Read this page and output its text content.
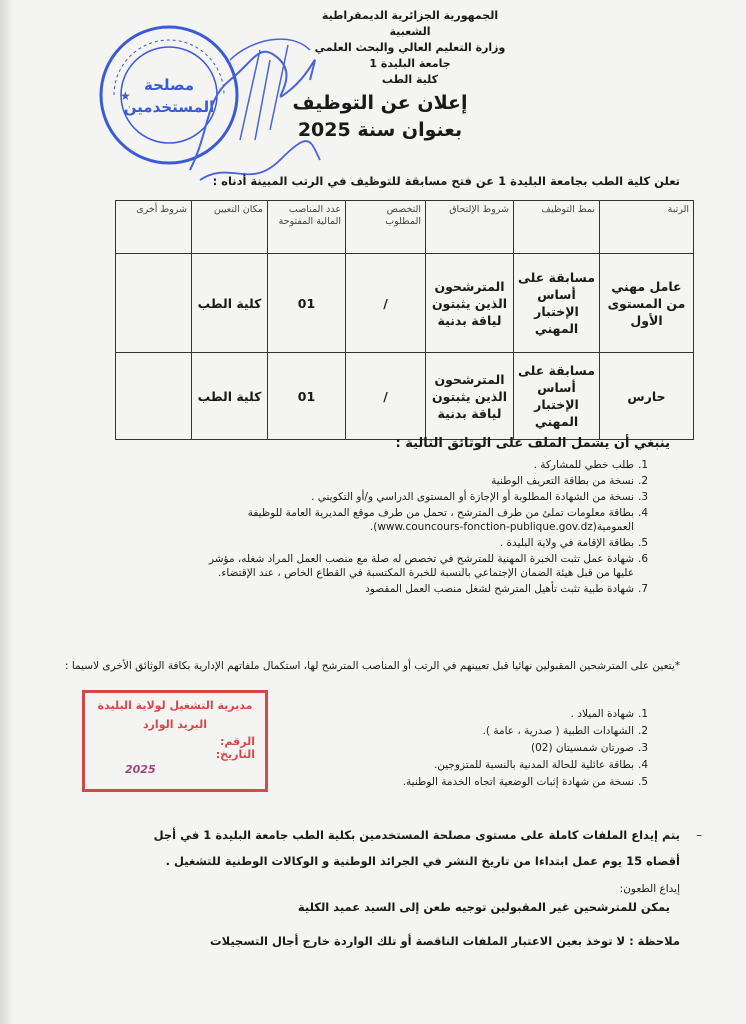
الجمهورية الجزائرية الديمقراطية الشعبية
وزارة التعليم العالي والبحث العلمي
جامعة البليدة 1
كلية الطب
مصلحة
المستخدمين
★	إعلان عن التوظيف
بعنوان سنة 2025
تعلن كلية الطب بجامعة البليدة 1 عن فتح مسابقة للتوظيف في الرتب المبينة أدناه :
الرتبة	نمط التوظيف	شروط الإلتحاق	التخصص المطلوب	عدد المناصب المالية المفتوحة	مكان التعيين	شروط أخرى
عامل مهني من المستوى الأول	مسابقة على أساس الإختبار المهني	المترشحون الذين يثبتون لياقة بدنية	/	01	كلية الطب	
حارس	مسابقة على أساس الإختبار المهني	المترشحون الذين يثبتون لياقة بدنية	/	01	كلية الطب	
ينبغي أن يشمل الملف على الوثائق التالية :
1.
طلب خطي للمشاركة .
2.
نسخة من بطاقة التعريف الوطنية
3.
نسخة من الشهادة المطلوبة أو الإجازة أو المستوى الدراسي و/أو التكويني .
4.
بطاقة معلومات تملئ من طرف المترشح ، تحمل من طرف موقع المديرية العامة للوظيفة العمومية(www.councours-fonction-publique.gov.dz).
5.
بطاقة الإقامة في ولاية البليدة .
6.
شهادة عمل تثبت الخبرة المهنية للمترشح في تخصص له صلة مع منصب العمل المراد شغله، مؤشر عليها من قبل هيئة الضمان الإجتماعي بالنسبة للخبرة المكتسبة في القطاع الخاص ، عند الإقتضاء.
7.
شهادة طبية تثبت تأهيل المترشح لشغل منصب العمل المقصود
*يتعين على المترشحين المقبولين نهائيا قبل تعيينهم في الرتب أو المناصب المترشح لها، استكمال ملفاتهم الإدارية بكافة الوثائق الأخرى لاسيما :
1.
شهادة الميلاد .
2.
الشهادات الطبية ( صدرية ، عامة ).
3.
صورتان شمسيتان (02)
4.
بطاقة عائلية للحالة المدنية بالنسبة للمتزوجين.
5.
نسخة من شهادة إثبات الوضعية اتجاه الخدمة الوطنية.
مديرية التشغيل لولاية البليدة
البريد الوارد
الرقم:
التاريخ:
2025
–
يتم إيداع الملفات كاملة على مستوى مصلحة المستخدمين بكلية الطب جامعة البليدة 1 في أجل أقصاه 15 يوم عمل ابتداءا من تاريخ النشر في الجرائد الوطنية و الوكالات الوطنية للتشغيل .
إيداع الطعون:
يمكن للمترشحين غير المقبولين توجيه طعن إلى السيد عميد الكلية
ملاحظة : لا توخذ بعين الاعتبار الملفات الناقصة أو تلك الواردة خارج أجال التسجيلات
